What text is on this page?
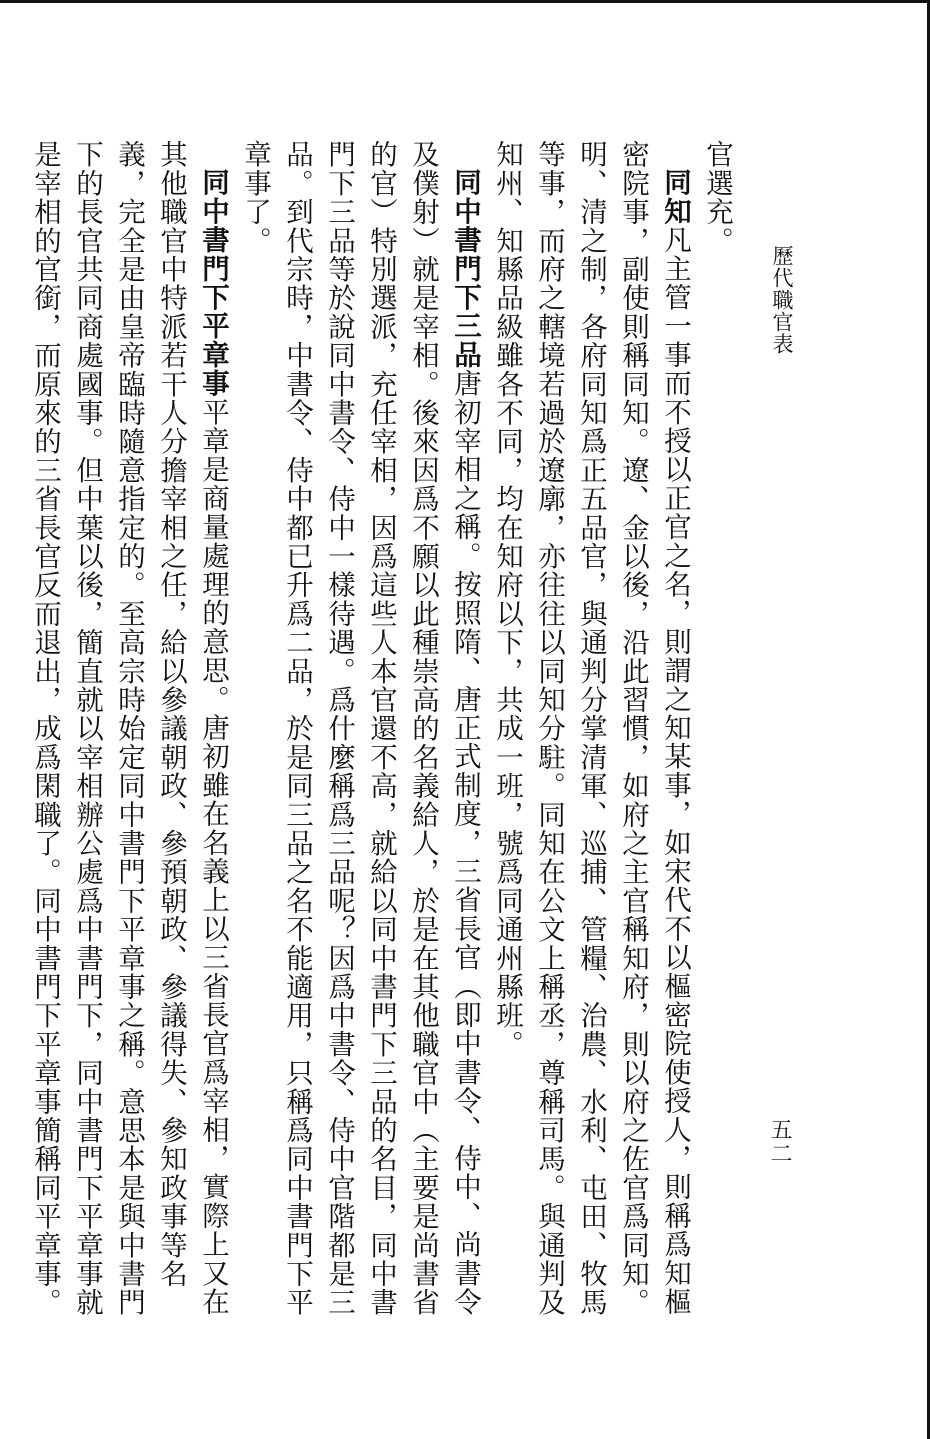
歷代職官表
五二

官選充。

同知凡主管一事而不授以正官之名，則謂之知某事，如宋代不以樞密院使授人，則稱爲知樞密院事，副使則稱同知。遼、金以後，沿此習慣，如府之主官稱知府，則以府之佐官爲同知。明、清之制，各府同知爲正五品官，與通判分掌清軍、巡捕、管糧、治農、水利、屯田、牧馬等事，而府之轄境若過於遼廓，亦往往以同知分駐。同知在公文上稱丞，尊稱司馬。與通判及知州、知縣品級雖各不同，均在知府以下，共成一班，號爲同通州縣班。

同中書門下三品唐初宰相之稱。按照隋、唐正式制度，三省長官（即中書令、侍中、尚書令及僕射）就是宰相。後來因爲不願以此種崇高的名義給人，於是在其他職官中（主要是尚書省的官）特別選派，充任宰相，因爲這些人本官還不高，就給以同中書門下三品的名目，同中書門下三品等於說同中書令、侍中一樣待遇。爲什麼稱爲三品呢？因爲中書令、侍中官階都是三品。到代宗時，中書令、侍中都已升爲二品，於是同三品之名不能適用，只稱爲同中書門下平章事了。

同中書門下平章事平章是商量處理的意思。唐初雖在名義上以三省長官爲宰相，實際上又在其他職官中特派若干人分擔宰相之任，給以參議朝政、參預朝政、參議得失、參知政事等名義，完全是由皇帝臨時隨意指定的。至高宗時始定同中書門下平章事之稱。意思本是與中書門下的長官共同商處國事。但中葉以後，簡直就以宰相辦公處爲中書門下，同中書門下平章事就是宰相的官銜，而原來的三省長官反而退出，成爲閑職了。同中書門下平章事簡稱同平章事。
